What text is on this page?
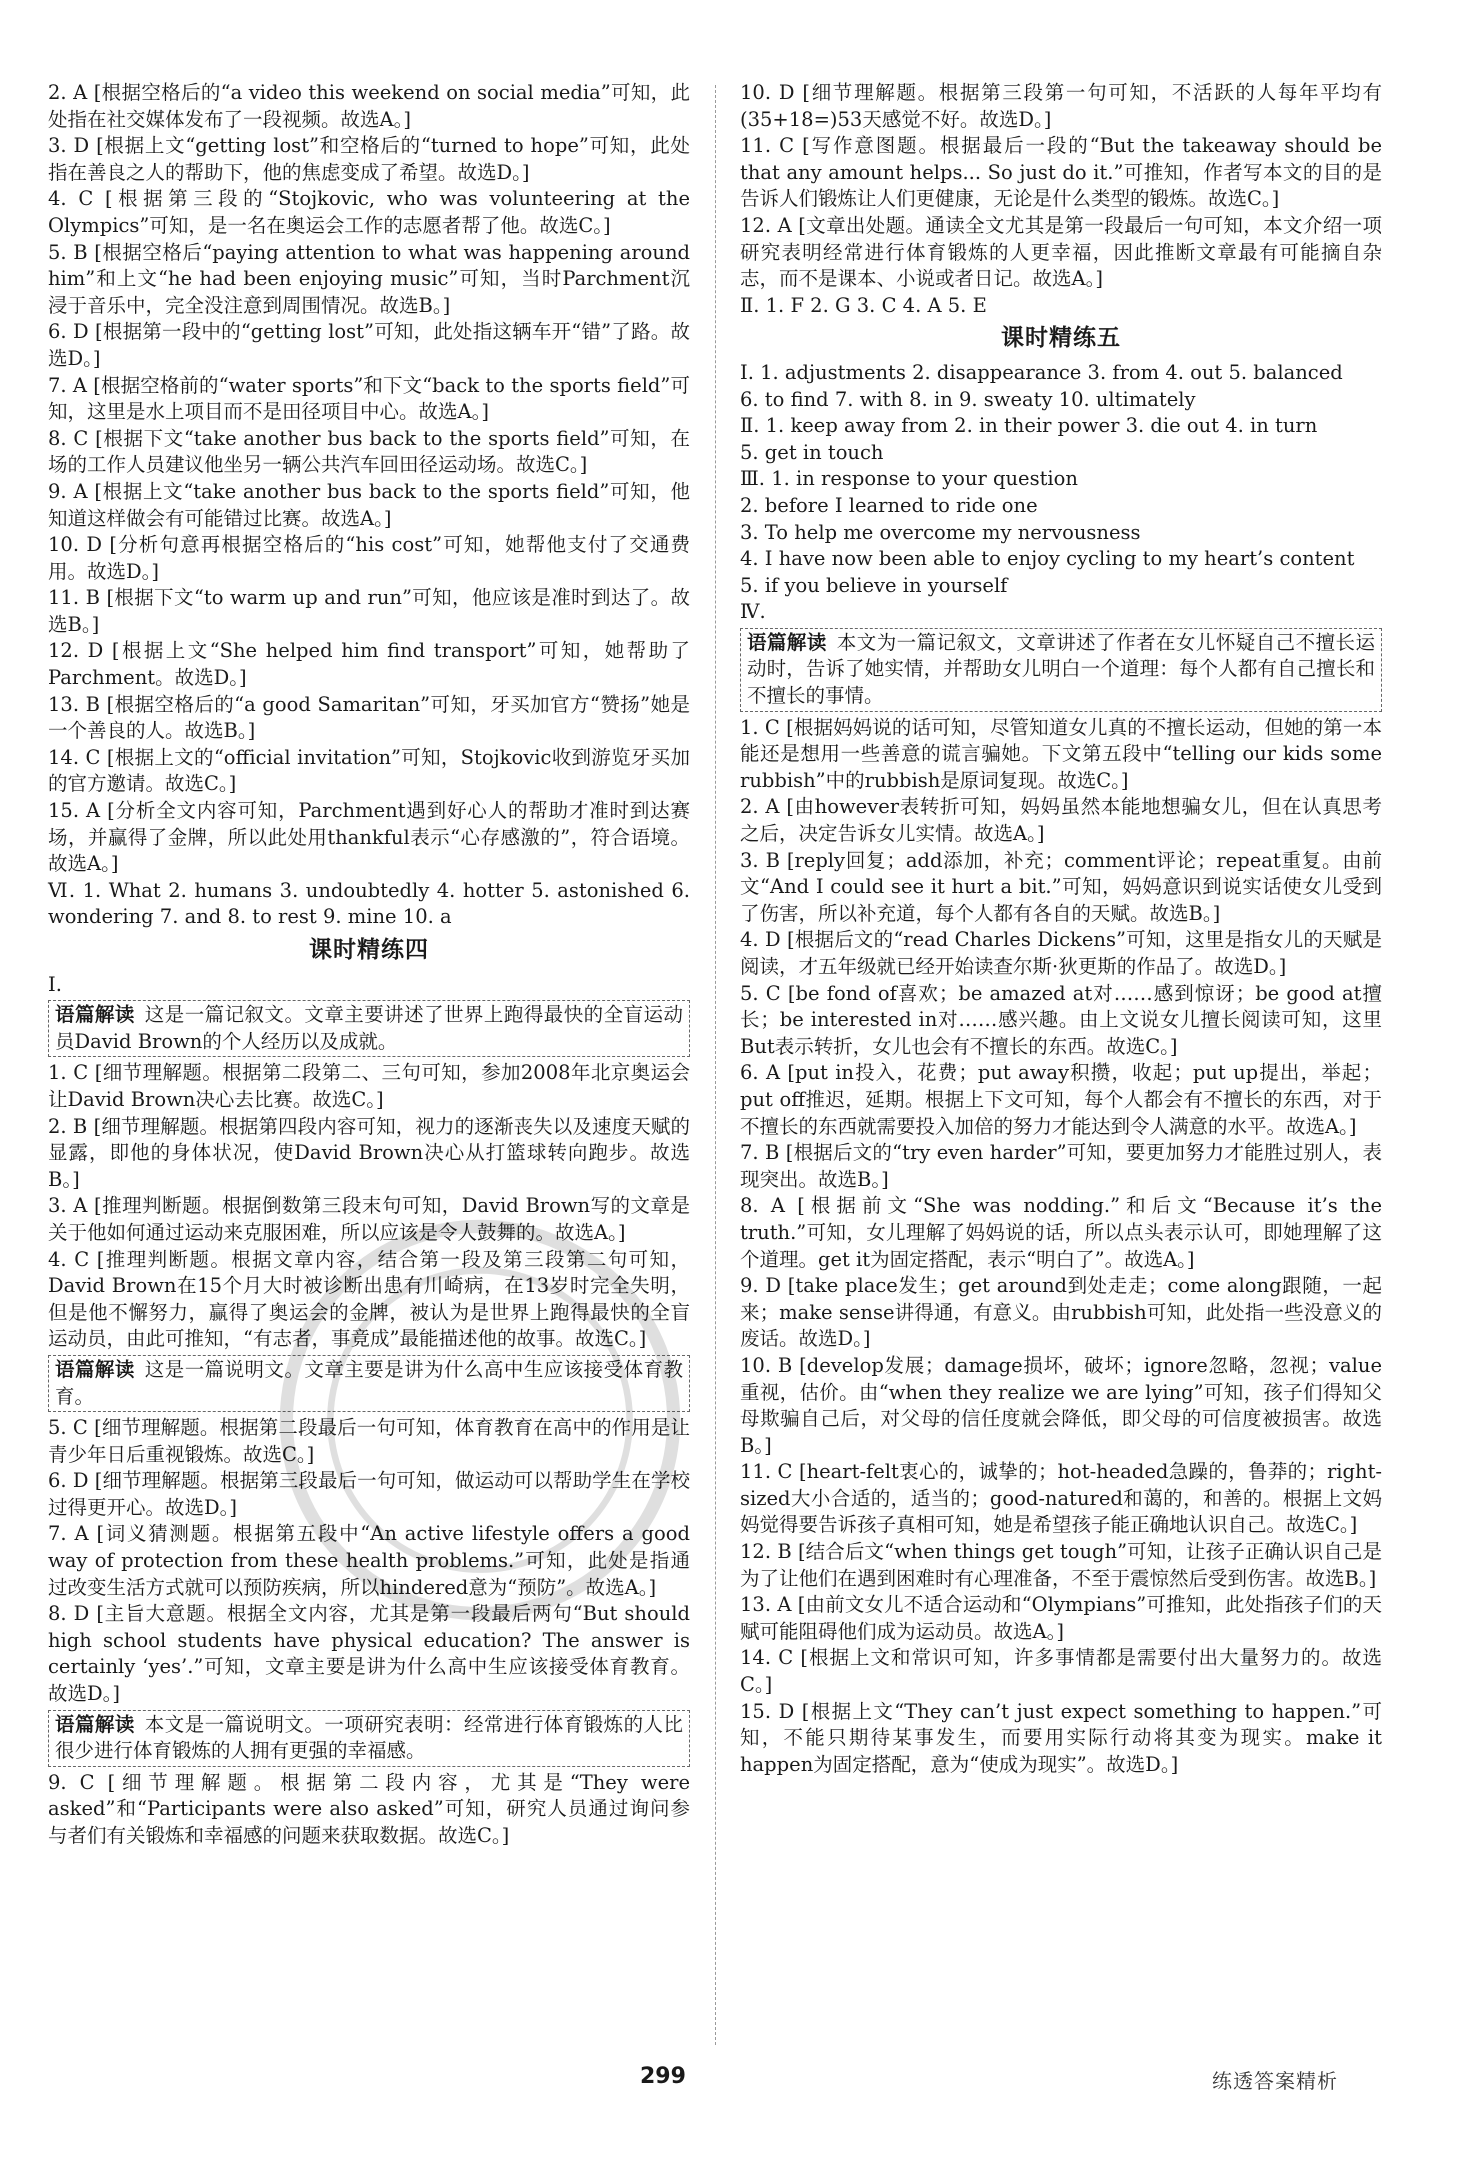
2. A [根据空格后的“a video this weekend on social media”可知，此处指在社交媒体发布了一段视频。故选A。]

3. D [根据上文“getting lost”和空格后的“turned to hope”可知，此处指在善良之人的帮助下，他的焦虑变成了希望。故选D。]

4. C [根据第三段的“Stojkovic, who was volunteering at the Olympics”可知，是一名在奥运会工作的志愿者帮了他。故选C。]

5. B [根据空格后“paying attention to what was happening around him”和上文“he had been enjoying music”可知，当时Parchment沉浸于音乐中，完全没注意到周围情况。故选B。]

6. D [根据第一段中的“getting lost”可知，此处指这辆车开“错”了路。故选D。]

7. A [根据空格前的“water sports”和下文“back to the sports field”可知，这里是水上项目而不是田径项目中心。故选A。]

8. C [根据下文“take another bus back to the sports field”可知，在场的工作人员建议他坐另一辆公共汽车回田径运动场。故选C。]

9. A [根据上文“take another bus back to the sports field”可知，他知道这样做会有可能错过比赛。故选A。]

10. D [分析句意再根据空格后的“his cost”可知，她帮他支付了交通费用。故选D。]

11. B [根据下文“to warm up and run”可知，他应该是准时到达了。故选B。]

12. D [根据上文“She helped him find transport”可知，她帮助了Parchment。故选D。]

13. B [根据空格后的“a good Samaritan”可知，牙买加官方“赞扬”她是一个善良的人。故选B。]

14. C [根据上文的“official invitation”可知，Stojkovic收到游览牙买加的官方邀请。故选C。]

15. A [分析全文内容可知，Parchment遇到好心人的帮助才准时到达赛场，并赢得了金牌，所以此处用thankful表示“心存感激的”，符合语境。故选A。]

Ⅵ. 1. What 2. humans 3. undoubtedly 4. hotter 5. astonished 6. wondering 7. and 8. to rest 9. mine 10. a

课时精练四

Ⅰ.

语篇解读 这是一篇记叙文。文章主要讲述了世界上跑得最快的全盲运动员David Brown的个人经历以及成就。

1. C [细节理解题。根据第二段第二、三句可知，参加2008年北京奥运会让David Brown决心去比赛。故选C。]

2. B [细节理解题。根据第四段内容可知，视力的逐渐丧失以及速度天赋的显露，即他的身体状况，使David Brown决心从打篮球转向跑步。故选B。]

3. A [推理判断题。根据倒数第三段末句可知，David Brown写的文章是关于他如何通过运动来克服困难，所以应该是令人鼓舞的。故选A。]

4. C [推理判断题。根据文章内容，结合第一段及第三段第二句可知，David Brown在15个月大时被诊断出患有川崎病，在13岁时完全失明，但是他不懈努力，赢得了奥运会的金牌，被认为是世界上跑得最快的全盲运动员，由此可推知，“有志者，事竟成”最能描述他的故事。故选C。]

语篇解读 这是一篇说明文。文章主要是讲为什么高中生应该接受体育教育。

5. C [细节理解题。根据第二段最后一句可知，体育教育在高中的作用是让青少年日后重视锻炼。故选C。]

6. D [细节理解题。根据第三段最后一句可知，做运动可以帮助学生在学校过得更开心。故选D。]

7. A [词义猜测题。根据第五段中“An active lifestyle offers a good way of protection from these health problems.”可知，此处是指通过改变生活方式就可以预防疾病，所以hindered意为“预防”。故选A。]

8. D [主旨大意题。根据全文内容，尤其是第一段最后两句“But should high school students have physical education? The answer is certainly ‘yes’.”可知，文章主要是讲为什么高中生应该接受体育教育。故选D。]

语篇解读 本文是一篇说明文。一项研究表明：经常进行体育锻炼的人比很少进行体育锻炼的人拥有更强的幸福感。

9. C [细节理解题。根据第二段内容，尤其是“They were asked”和“Participants were also asked”可知，研究人员通过询问参与者们有关锻炼和幸福感的问题来获取数据。故选C。]

10. D [细节理解题。根据第三段第一句可知，不活跃的人每年平均有(35+18=)53天感觉不好。故选D。]

11. C [写作意图题。根据最后一段的“But the takeaway should be that any amount helps... So just do it.”可推知，作者写本文的目的是告诉人们锻炼让人们更健康，无论是什么类型的锻炼。故选C。]

12. A [文章出处题。通读全文尤其是第一段最后一句可知，本文介绍一项研究表明经常进行体育锻炼的人更幸福，因此推断文章最有可能摘自杂志，而不是课本、小说或者日记。故选A。]

Ⅱ. 1. F 2. G 3. C 4. A 5. E

课时精练五

Ⅰ. 1. adjustments 2. disappearance 3. from 4. out 5. balanced

6. to find 7. with 8. in 9. sweaty 10. ultimately

Ⅱ. 1. keep away from 2. in their power 3. die out 4. in turn

5. get in touch

Ⅲ. 1. in response to your question

2. before I learned to ride one

3. To help me overcome my nervousness

4. I have now been able to enjoy cycling to my heart’s content

5. if you believe in yourself

Ⅳ.

语篇解读 本文为一篇记叙文，文章讲述了作者在女儿怀疑自己不擅长运动时，告诉了她实情，并帮助女儿明白一个道理：每个人都有自己擅长和不擅长的事情。

1. C [根据妈妈说的话可知，尽管知道女儿真的不擅长运动，但她的第一本能还是想用一些善意的谎言骗她。下文第五段中“telling our kids some rubbish”中的rubbish是原词复现。故选C。]

2. A [由however表转折可知，妈妈虽然本能地想骗女儿，但在认真思考之后，决定告诉女儿实情。故选A。]

3. B [reply回复；add添加，补充；comment评论；repeat重复。由前文“And I could see it hurt a bit.”可知，妈妈意识到说实话使女儿受到了伤害，所以补充道，每个人都有各自的天赋。故选B。]

4. D [根据后文的“read Charles Dickens”可知，这里是指女儿的天赋是阅读，才五年级就已经开始读查尔斯·狄更斯的作品了。故选D。]

5. C [be fond of喜欢；be amazed at对……感到惊讶；be good at擅长；be interested in对……感兴趣。由上文说女儿擅长阅读可知，这里But表示转折，女儿也会有不擅长的东西。故选C。]

6. A [put in投入，花费；put away积攒，收起；put up提出，举起；put off推迟，延期。根据上下文可知，每个人都会有不擅长的东西，对于不擅长的东西就需要投入加倍的努力才能达到令人满意的水平。故选A。]

7. B [根据后文的“try even harder”可知，要更加努力才能胜过别人，表现突出。故选B。]

8. A [根据前文“She was nodding.”和后文“Because it’s the truth.”可知，女儿理解了妈妈说的话，所以点头表示认可，即她理解了这个道理。get it为固定搭配，表示“明白了”。故选A。]

9. D [take place发生；get around到处走走；come along跟随，一起来；make sense讲得通，有意义。由rubbish可知，此处指一些没意义的废话。故选D。]

10. B [develop发展；damage损坏，破坏；ignore忽略，忽视；value重视，估价。由“when they realize we are lying”可知，孩子们得知父母欺骗自己后，对父母的信任度就会降低，即父母的可信度被损害。故选B。]

11. C [heart-felt衷心的，诚挚的；hot-headed急躁的，鲁莽的；right-sized大小合适的，适当的；good-natured和蔼的，和善的。根据上文妈妈觉得要告诉孩子真相可知，她是希望孩子能正确地认识自己。故选C。]

12. B [结合后文“when things get tough”可知，让孩子正确认识自己是为了让他们在遇到困难时有心理准备，不至于震惊然后受到伤害。故选B。]

13. A [由前文女儿不适合运动和“Olympians”可推知，此处指孩子们的天赋可能阻碍他们成为运动员。故选A。]

14. C [根据上文和常识可知，许多事情都是需要付出大量努力的。故选C。]

15. D [根据上文“They can’t just expect something to happen.”可知，不能只期待某事发生，而要用实际行动将其变为现实。make it happen为固定搭配，意为“使成为现实”。故选D。]

299	练透答案精析
